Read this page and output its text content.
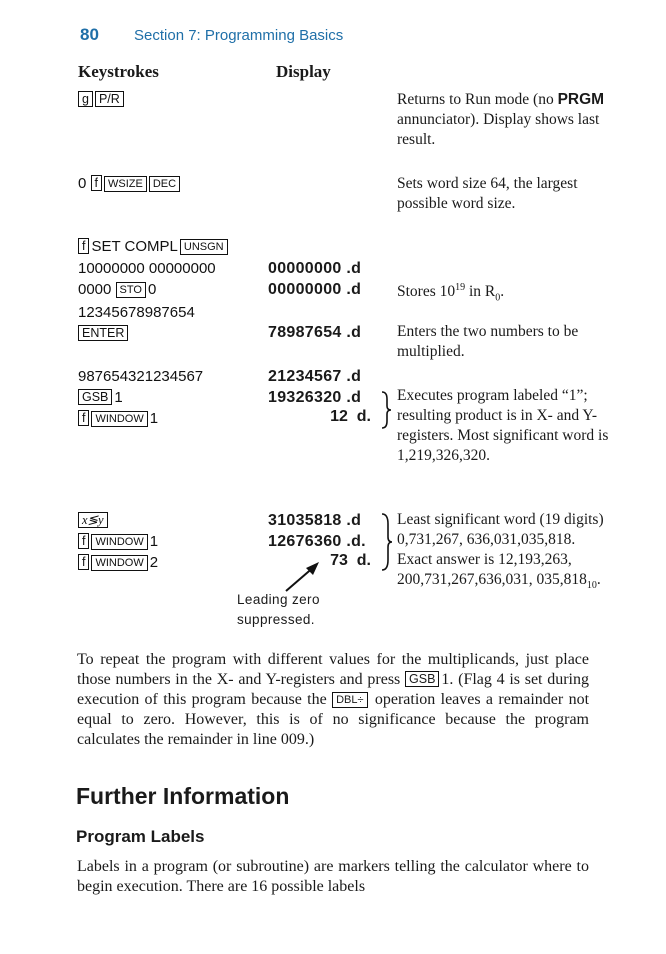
80 Section 7: Programming Basics
Keystrokes	Display
g P/R	Returns to Run mode (no PRGM annunciator). Display shows last result.
0 f WSIZE DEC	Sets word size 64, the largest possible word size.
f SET COMPL UNSGN
10000000 00000000	00000000 .d
0000 STO 0	00000000 .d Stores $10^{19}$ in $R_0$.
12345678987654
ENTER	78987654 .d Enters the two numbers to be multiplied.
987654321234567	21234567 .d
GSB 1	19326320 .d Executes program labeled “1”; resulting product is in X- and Y-registers. Most significant word is 1,219,326,320.
f WINDOW 1	12 d.
x≶y	31035818 .d Least significant word (19 digits) 0,731,267, 636,031,035,818. Exact answer is 12,193,263, 200,731,267,636,031, $035,818_{10}$.
f WINDOW 1	12676360 .d.
f WINDOW 2	73 d.
Leading zero
suppressed.
To repeat the program with different values for the multiplicands, just place those numbers in the X- and Y-registers and press GSB 1. (Flag 4 is set during execution of this program because the DBL÷ operation leaves a remainder not equal to zero. However, this is of no significance because the program calculates the remainder in line 009.)
Further Information
Program Labels
Labels in a program (or subroutine) are markers telling the calculator where to begin execution. There are 16 possible labels
